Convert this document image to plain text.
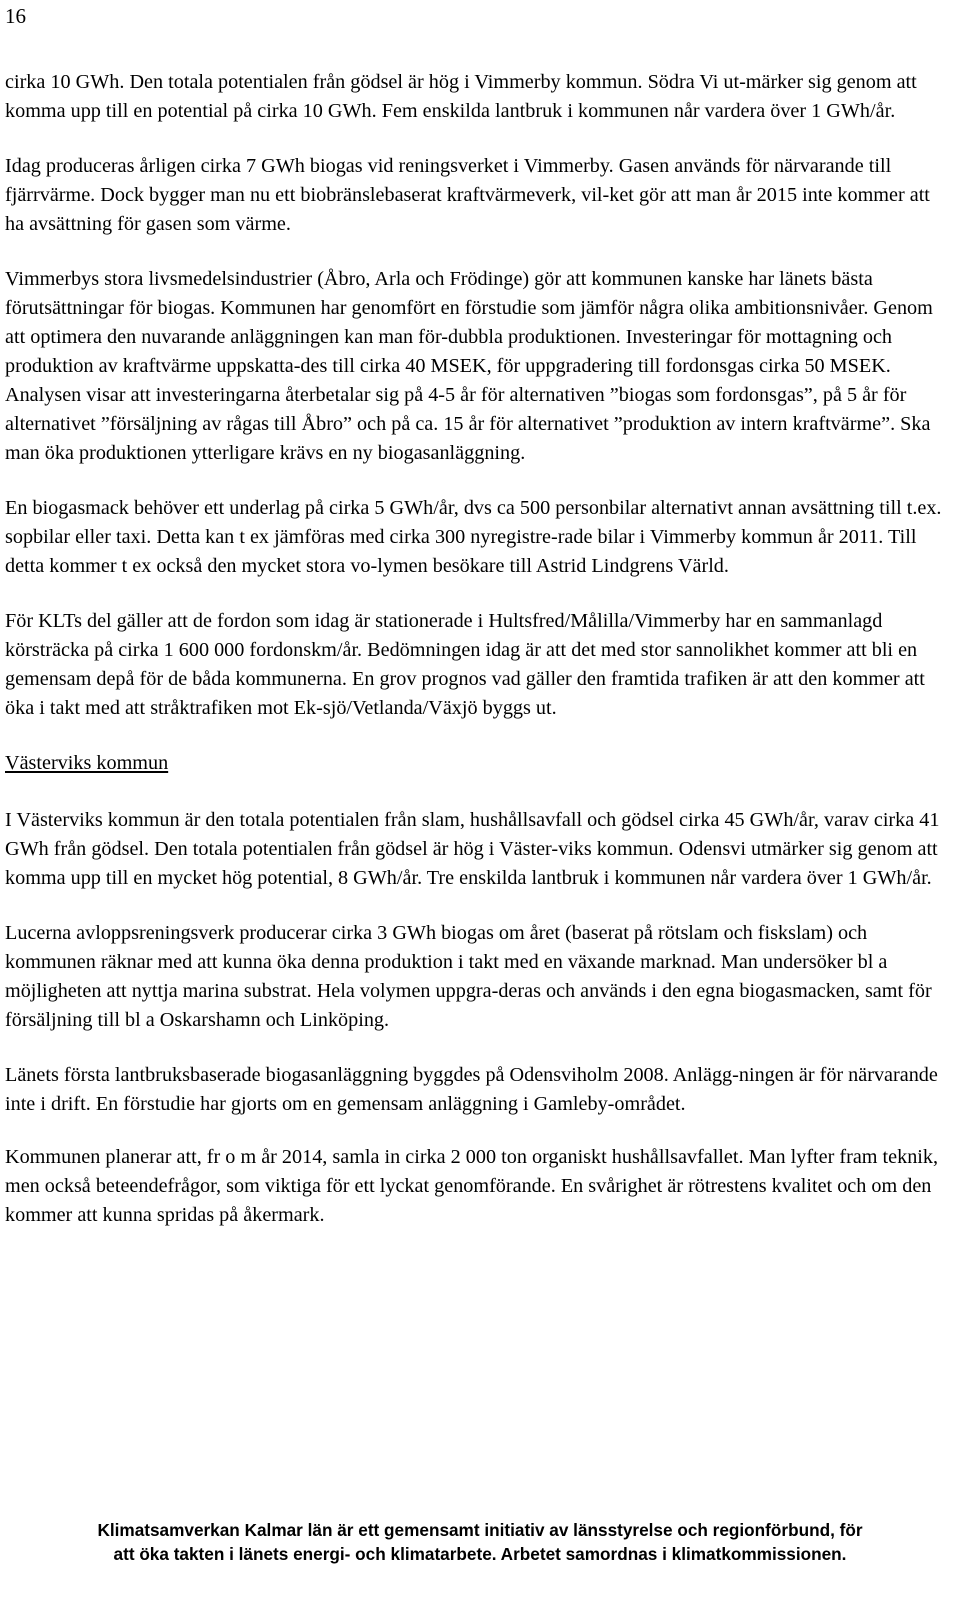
16

cirka 10 GWh. Den totala potentialen från gödsel är hög i Vimmerby kommun. Södra Vi ut-märker sig genom att komma upp till en potential på cirka 10 GWh. Fem enskilda lantbruk i kommunen når vardera över 1 GWh/år.

Idag produceras årligen cirka 7 GWh biogas vid reningsverket i Vimmerby. Gasen används för närvarande till fjärrvärme. Dock bygger man nu ett biobränslebaserat kraftvärmeverk, vil-ket gör att man år 2015 inte kommer att ha avsättning för gasen som värme.

Vimmerbys stora livsmedelsindustrier (Åbro, Arla och Frödinge) gör att kommunen kanske har länets bästa förutsättningar för biogas. Kommunen har genomfört en förstudie som jämför några olika ambitionsnivåer. Genom att optimera den nuvarande anläggningen kan man för-dubbla produktionen. Investeringar för mottagning och produktion av kraftvärme uppskatta-des till cirka 40 MSEK, för uppgradering till fordonsgas cirka 50 MSEK. Analysen visar att investeringarna återbetalar sig på 4-5 år för alternativen ”biogas som fordonsgas”, på 5 år för alternativet ”försäljning av rågas till Åbro” och på ca. 15 år för alternativet ”produktion av intern kraftvärme”. Ska man öka produktionen ytterligare krävs en ny biogasanläggning.

En biogasmack behöver ett underlag på cirka 5 GWh/år, dvs ca 500 personbilar alternativt annan avsättning till t.ex. sopbilar eller taxi. Detta kan t ex jämföras med cirka 300 nyregistre-rade bilar i Vimmerby kommun år 2011. Till detta kommer t ex också den mycket stora vo-lymen besökare till Astrid Lindgrens Värld.

För KLTs del gäller att de fordon som idag är stationerade i Hultsfred/Målilla/Vimmerby har en sammanlagd körsträcka på cirka 1 600 000 fordonskm/år. Bedömningen idag är att det med stor sannolikhet kommer att bli en gemensam depå för de båda kommunerna. En grov prognos vad gäller den framtida trafiken är att den kommer att öka i takt med att stråktrafiken mot Ek-sjö/Vetlanda/Växjö byggs ut.

Västerviks kommun

I Västerviks kommun är den totala potentialen från slam, hushållsavfall och gödsel cirka 45 GWh/år, varav cirka 41 GWh från gödsel. Den totala potentialen från gödsel är hög i Väster-viks kommun. Odensvi utmärker sig genom att komma upp till en mycket hög potential, 8 GWh/år. Tre enskilda lantbruk i kommunen når vardera över 1 GWh/år.

Lucerna avloppsreningsverk producerar cirka 3 GWh biogas om året (baserat på rötslam och fiskslam) och kommunen räknar med att kunna öka denna produktion i takt med en växande marknad. Man undersöker bl a möjligheten att nyttja marina substrat. Hela volymen uppgra-deras och används i den egna biogasmacken, samt för försäljning till bl a Oskarshamn och Linköping.

Länets första lantbruksbaserade biogasanläggning byggdes på Odensviholm 2008. Anlägg-ningen är för närvarande inte i drift. En förstudie har gjorts om en gemensam anläggning i Gamleby-området.

Kommunen planerar att, fr o m år 2014, samla in cirka 2 000 ton organiskt hushållsavfallet. Man lyfter fram teknik, men också beteendefrågor, som viktiga för ett lyckat genomförande. En svårighet är rötrestens kvalitet och om den kommer att kunna spridas på åkermark.

Klimatsamverkan Kalmar län är ett gemensamt initiativ av länsstyrelse och regionförbund, för
att öka takten i länets energi- och klimatarbete. Arbetet samordnas i klimatkommissionen.
